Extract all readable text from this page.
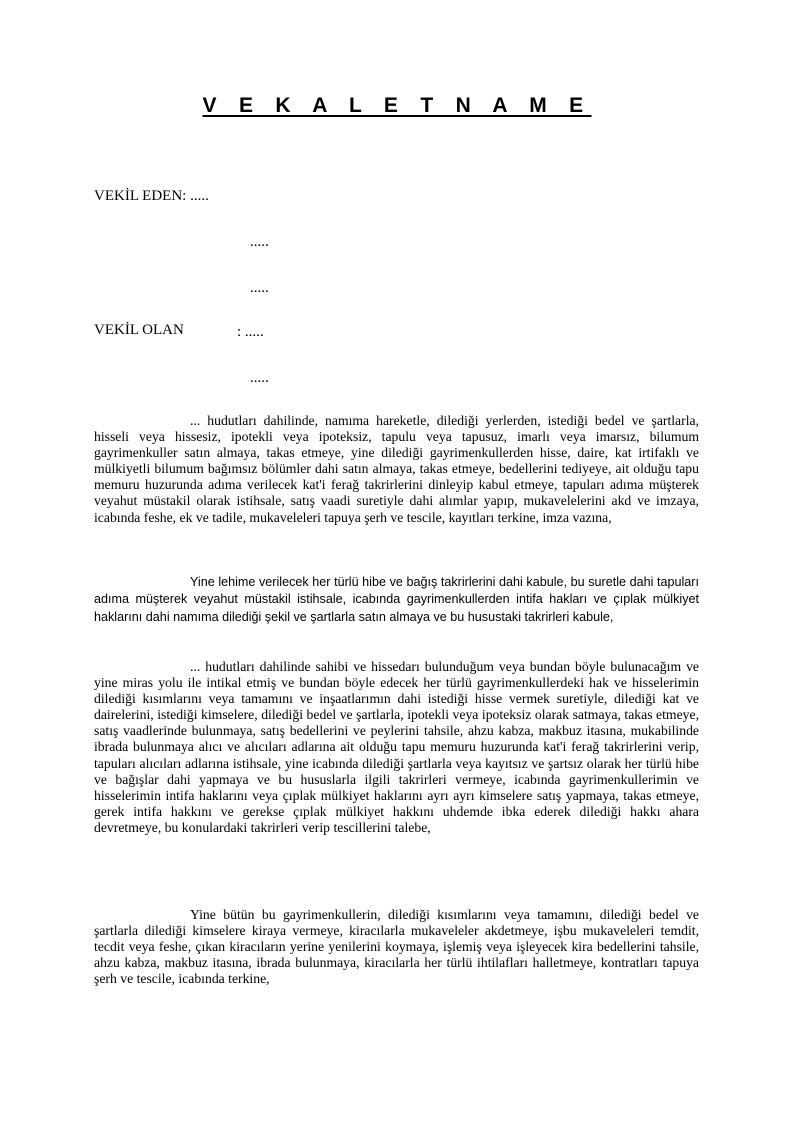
V E K A L E T N A M E
VEKİL EDEN: .....
.....
.....
VEKİL OLAN	: .....
.....

... hudutları dahilinde, namıma hareketle, dilediği yerlerden, istediği bedel ve şartlarla, hisseli veya hissesiz, ipotekli veya ipoteksiz, tapulu veya tapusuz, imarlı veya imarsız, bilumum gayrimenkuller satın almaya, takas etmeye, yine dilediği gayrimenkullerden hisse, daire, kat irtifaklı ve mülkiyetli bilumum bağımsız bölümler dahi satın almaya, takas etmeye, bedellerini tediyeye, ait olduğu tapu memuru huzurunda adıma verilecek kat'i ferağ takrirlerini dinleyip kabul etmeye, tapuları adıma müşterek veyahut müstakil olarak istihsale, satış vaadi suretiyle dahi alımlar yapıp, mukavelelerini akd ve imzaya, icabında feshe, ek ve tadile, mukaveleleri tapuya şerh ve tescile, kayıtları terkine, imza vazına,

Yine lehime verilecek her türlü hibe ve bağış takrirlerini dahi kabule, bu suretle dahi tapuları adıma müşterek veyahut müstakil istihsale, icabında gayrimenkullerden intifa hakları ve çıplak mülkiyet haklarını dahi namıma dilediği şekil ve şartlarla satın almaya ve bu husustaki takrirleri kabule,

... hudutları dahilinde sahibi ve hissedarı bulunduğum veya bundan böyle bulunacağım ve yine miras yolu ile intikal etmiş ve bundan böyle edecek her türlü gayrimenkullerdeki hak ve hisselerimin dilediği kısımlarını veya tamamını ve inşaatlarımın dahi istediği hisse vermek suretiyle, dilediği kat ve dairelerini, istediği kimselere, dilediği bedel ve şartlarla, ipotekli veya ipoteksiz olarak satmaya, takas etmeye, satış vaadlerinde bulunmaya, satış bedellerini ve peylerini tahsile, ahzu kabza, makbuz itasına, mukabilinde ibrada bulunmaya alıcı ve alıcıları adlarına ait olduğu tapu memuru huzurunda kat'i ferağ takrirlerini verip, tapuları alıcıları adlarına istihsale, yine icabında dilediği şartlarla veya kayıtsız ve şartsız olarak her türlü hibe ve bağışlar dahi yapmaya ve bu hususlarla ilgili takrirleri vermeye, icabında gayrimenkullerimin ve hisselerimin intifa haklarını veya çıplak mülkiyet haklarını ayrı ayrı kimselere satış yapmaya, takas etmeye, gerek intifa hakkını ve gerekse çıplak mülkiyet hakkını uhdemde ibka ederek dilediği hakkı ahara devretmeye, bu konulardaki takrirleri verip tescillerini talebe,

Yine bütün bu gayrimenkullerin, dilediği kısımlarını veya tamamını, dilediği bedel ve şartlarla dilediği kimselere kiraya vermeye, kiracılarla mukaveleler akdetmeye, işbu mukaveleleri temdit, tecdit veya feshe, çıkan kiracıların yerine yenilerini koymaya, işlemiş veya işleyecek kira bedellerini tahsile, ahzu kabza, makbuz itasına, ibrada bulunmaya, kiracılarla her türlü ihtilafları halletmeye, kontratları tapuya şerh ve tescile, icabında terkine,
